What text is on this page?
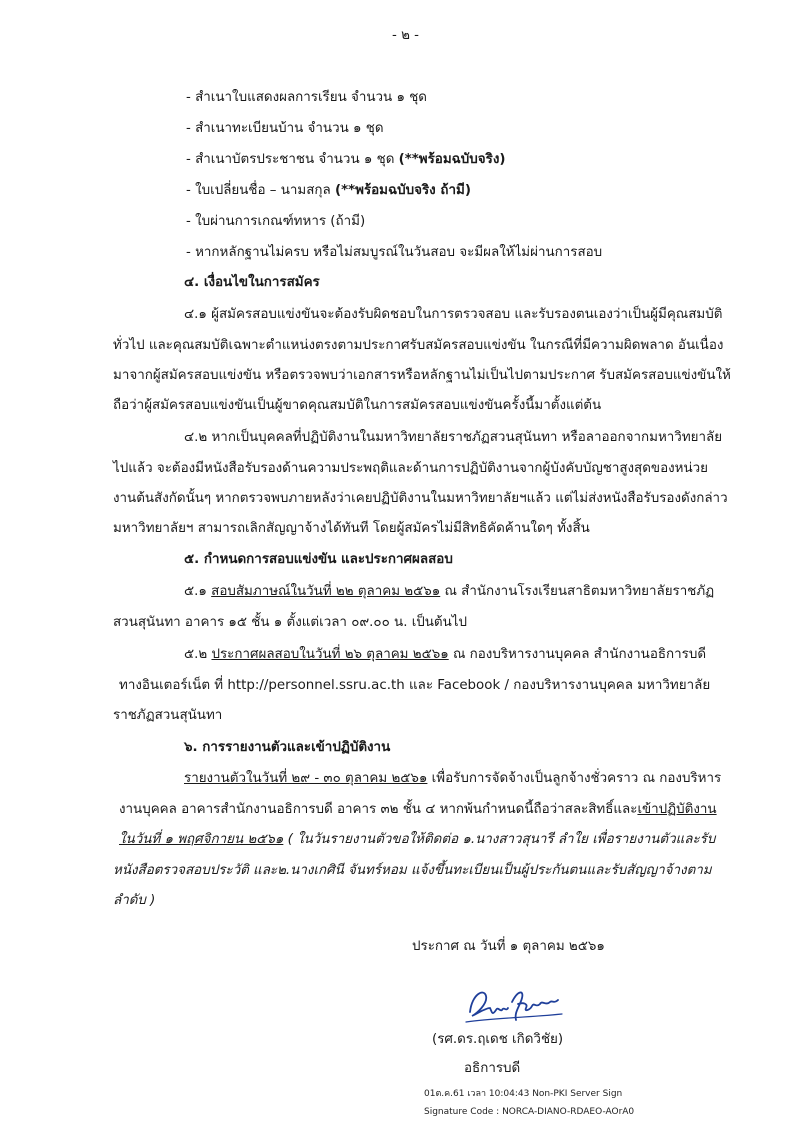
- ๒ -
- สำเนาใบแสดงผลการเรียน จำนวน ๑ ชุด
- สำเนาทะเบียนบ้าน จำนวน ๑ ชุด
- สำเนาบัตรประชาชน จำนวน ๑ ชุด (**พร้อมฉบับจริง)
- ใบเปลี่ยนชื่อ – นามสกุล (**พร้อมฉบับจริง ถ้ามี)
- ใบผ่านการเกณฑ์ทหาร (ถ้ามี)
- หากหลักฐานไม่ครบ หรือไม่สมบูรณ์ในวันสอบ จะมีผลให้ไม่ผ่านการสอบ
๔. เงื่อนไขในการสมัคร
๔.๑ ผู้สมัครสอบแข่งขันจะต้องรับผิดชอบในการตรวจสอบ และรับรองตนเองว่าเป็นผู้มีคุณสมบัติ
ทั่วไป และคุณสมบัติเฉพาะตำแหน่งตรงตามประกาศรับสมัครสอบแข่งขัน ในกรณีที่มีความผิดพลาด อันเนื่อง
มาจากผู้สมัครสอบแข่งขัน หรือตรวจพบว่าเอกสารหรือหลักฐานไม่เป็นไปตามประกาศ รับสมัครสอบแข่งขันให้
ถือว่าผู้สมัครสอบแข่งขันเป็นผู้ขาดคุณสมบัติในการสมัครสอบแข่งขันครั้งนี้มาตั้งแต่ต้น
๔.๒ หากเป็นบุคคลที่ปฏิบัติงานในมหาวิทยาลัยราชภัฏสวนสุนันทา หรือลาออกจากมหาวิทยาลัย
ไปแล้ว จะต้องมีหนังสือรับรองด้านความประพฤติและด้านการปฏิบัติงานจากผู้บังคับบัญชาสูงสุดของหน่วย
งานต้นสังกัดนั้นๆ หากตรวจพบภายหลังว่าเคยปฏิบัติงานในมหาวิทยาลัยฯแล้ว แต่ไม่ส่งหนังสือรับรองดังกล่าว
มหาวิทยาลัยฯ สามารถเลิกสัญญาจ้างได้ทันที โดยผู้สมัครไม่มีสิทธิคัดค้านใดๆ ทั้งสิ้น
๕. กำหนดการสอบแข่งขัน และประกาศผลสอบ
๕.๑ สอบสัมภาษณ์ในวันที่ ๒๒ ตุลาคม ๒๕๖๑ ณ สำนักงานโรงเรียนสาธิตมหาวิทยาลัยราชภัฏ
สวนสุนันทา อาคาร ๑๕ ชั้น ๑ ตั้งแต่เวลา ๐๙.๐๐ น. เป็นต้นไป
๕.๒ ประกาศผลสอบในวันที่ ๒๖ ตุลาคม ๒๕๖๑ ณ กองบริหารงานบุคคล สำนักงานอธิการบดี
ทางอินเตอร์เน็ต ที่ http://personnel.ssru.ac.th และ Facebook / กองบริหารงานบุคคล มหาวิทยาลัย
ราชภัฏสวนสุนันทา
๖. การรายงานตัวและเข้าปฏิบัติงาน
รายงานตัวในวันที่ ๒๙ - ๓๐ ตุลาคม ๒๕๖๑ เพื่อรับการจัดจ้างเป็นลูกจ้างชั่วคราว ณ กองบริหาร
งานบุคคล อาคารสำนักงานอธิการบดี อาคาร ๓๒ ชั้น ๔ หากพ้นกำหนดนี้ถือว่าสละสิทธิ์และเข้าปฏิบัติงาน
ในวันที่ ๑ พฤศจิกายน ๒๕๖๑ ( ในวันรายงานตัวขอให้ติดต่อ ๑.นางสาวสุนารี ลำใย เพื่อรายงานตัวและรับ
หนังสือตรวจสอบประวัติ และ๒.นางเกศินี จันทร์หอม แจ้งขึ้นทะเบียนเป็นผู้ประกันตนและรับสัญญาจ้างตาม
ลำดับ )
ประกาศ ณ วันที่ ๑ ตุลาคม ๒๕๖๑
(รศ.ดร.ฤเดช เกิดวิชัย)
อธิการบดี
01ต.ค.61 เวลา 10:04:43 Non-PKI Server Sign
Signature Code : NORCA-DIANO-RDAEO-AOrA0
